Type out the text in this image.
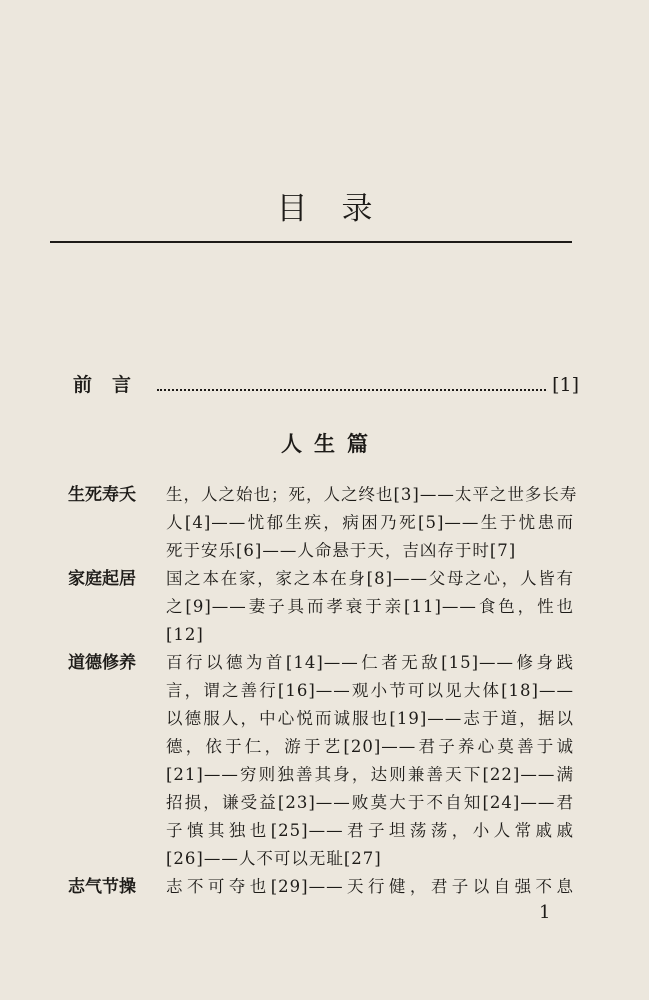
目录
前言	[1]
人生篇
生死寿夭	生，人之始也；死，人之终也[3]——太平之世多长寿
人[4]——忧郁生疾，病困乃死[5]——生于忧患而
死于安乐[6]——人命悬于天，吉凶存于时[7]
家庭起居	国之本在家，家之本在身[8]——父母之心，人皆有
之[9]——妻子具而孝衰于亲[11]——食色，性也
[12]
道德修养	百行以德为首[14]——仁者无敌[15]——修身践
言，谓之善行[16]——观小节可以见大体[18]——
以德服人，中心悦而诚服也[19]——志于道，据以
德，依于仁，游于艺[20]——君子养心莫善于诚
[21]——穷则独善其身，达则兼善天下[22]——满
招损，谦受益[23]——败莫大于不自知[24]——君
子慎其独也[25]——君子坦荡荡，小人常戚戚
[26]——人不可以无耻[27]
志气节操	志不可夺也[29]——天行健，君子以自强不息
1
